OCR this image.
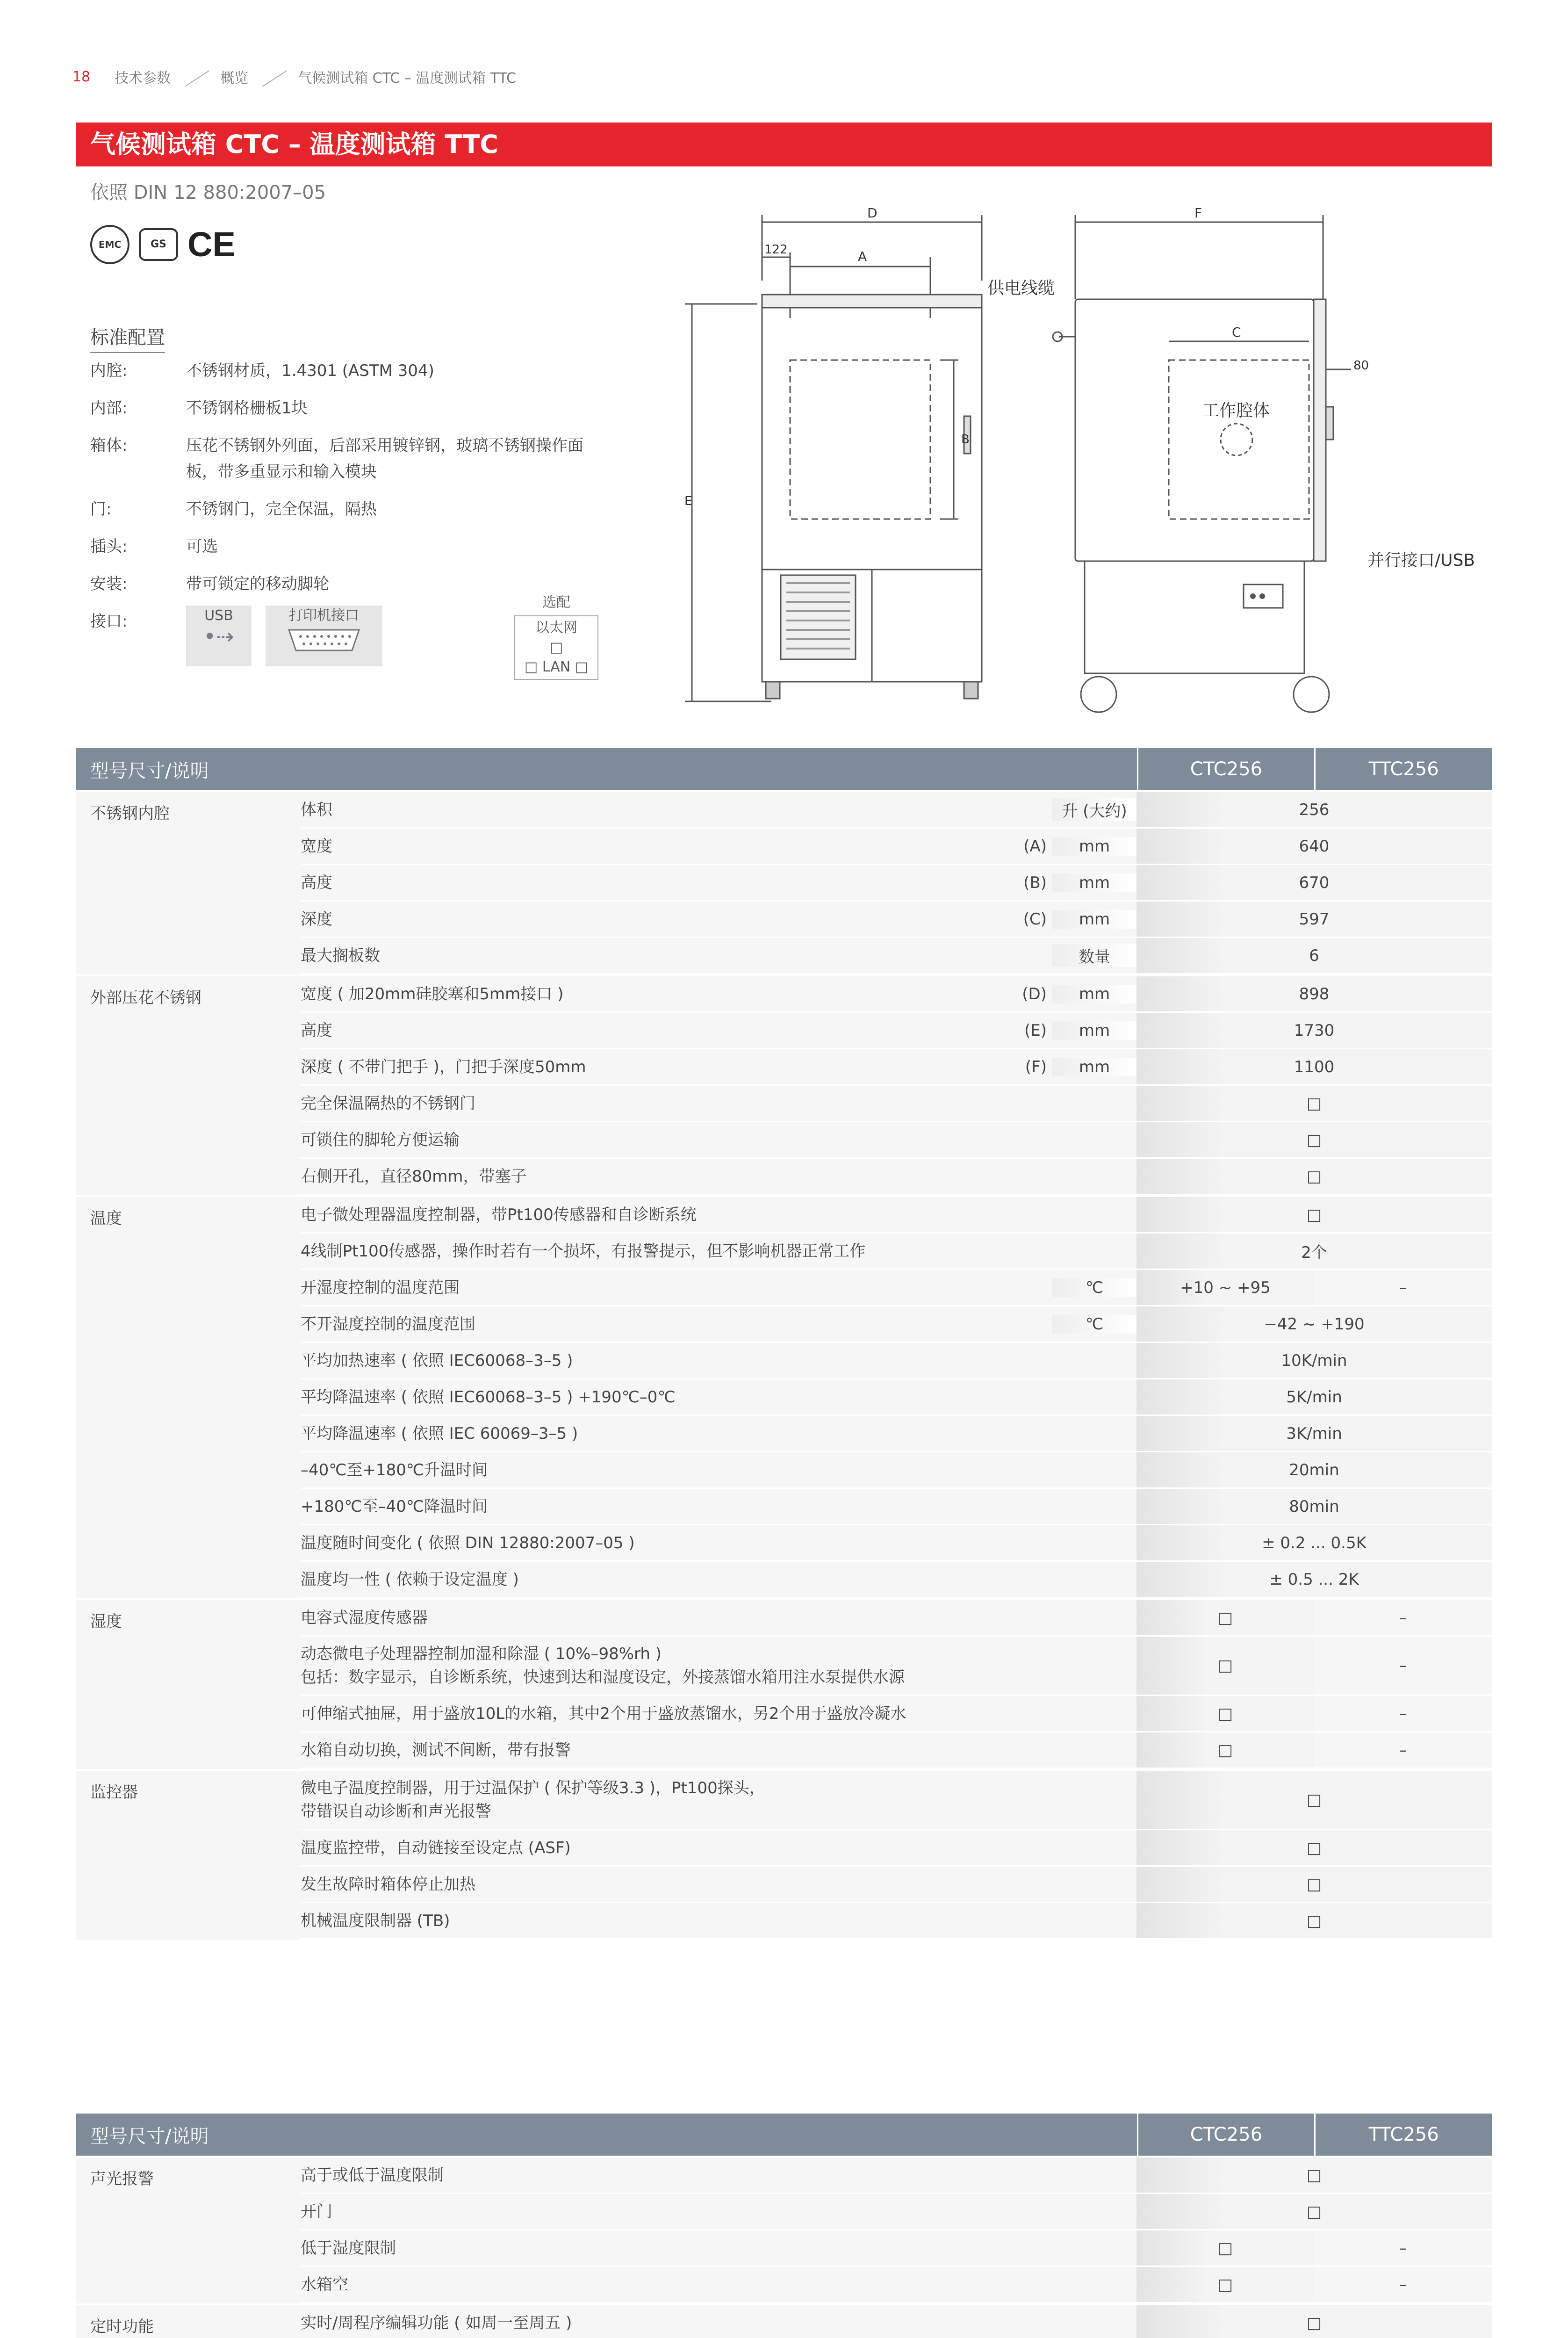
18 技术参数	概览	气候测试箱 CTC – 温度测试箱 TTC
气候测试箱 CTC – 温度测试箱 TTC
依照 DIN 12 880:2007–05
EMC	GS CE
标准配置
内腔:	不锈钢材质，1.4301 (ASTM 304)
内部:	不锈钢格栅板1块
箱体:	压花不锈钢外列面，后部采用镀锌钢，玻璃不锈钢操作面板，带多重显示和输入模块
门:	不锈钢门，完全保温，隔热
插头:	可选
安装:	带可锁定的移动脚轮
接口:	USB
•⇢
打印机接口
选配
以太网
□
□ LAN □
D
A
122
B
E
F
C
80
供电线缆
工作腔体
并行接口/USB
型号尺寸/说明	CTC256	TTC256
不锈钢内腔	体积	升 (大约)	256
宽度	(A)	mm	640
高度	(B)	mm	670
深度	(C)	mm	597
最大搁板数	数量	6
外部压花不锈钢	宽度 ( 加20mm硅胶塞和5mm接口 )	(D)	mm	898
高度	(E)	mm	1730
深度 ( 不带门把手 )，门把手深度50mm	(F)	mm	1100
完全保温隔热的不锈钢门	□
可锁住的脚轮方便运输	□
右侧开孔，直径80mm，带塞子	□
温度	电子微处理器温度控制器，带Pt100传感器和自诊断系统	□
4线制Pt100传感器，操作时若有一个损坏，有报警提示，但不影响机器正常工作	2个
开湿度控制的温度范围	℃	+10 ~ +95	–
不开湿度控制的温度范围	℃	−42 ~ +190
平均加热速率 ( 依照 IEC60068–3–5 )	10K/min
平均降温速率 ( 依照 IEC60068–3–5 ) +190℃–0℃	5K/min
平均降温速率 ( 依照 IEC 60069–3–5 )	3K/min
–40℃至+180℃升温时间	20min
+180℃至–40℃降温时间	80min
温度随时间变化 ( 依照 DIN 12880:2007–05 )	± 0.2 ... 0.5K
温度均一性 ( 依赖于设定温度 )	± 0.5 ... 2K
湿度	电容式湿度传感器	□	–
动态微电子处理器控制加湿和除湿 ( 10%–98%rh )
包括：数字显示，自诊断系统，快速到达和湿度设定，外接蒸馏水箱用注水泵提供水源
□	–
可伸缩式抽屉，用于盛放10L的水箱，其中2个用于盛放蒸馏水，另2个用于盛放冷凝水	□	–
水箱自动切换，测试不间断，带有报警	□	–
监控器	微电子温度控制器，用于过温保护 ( 保护等级3.3 )，Pt100探头，
带错误自动诊断和声光报警
□
温度监控带，自动链接至设定点 (ASF)	□
发生故障时箱体停止加热	□
机械温度限制器 (TB)	□
型号尺寸/说明	CTC256	TTC256
声光报警	高于或低于温度限制	□
开门	□
低于湿度限制	□	–
水箱空	□	–
定时功能	实时/周程序编辑功能 ( 如周一至周五 )	□
